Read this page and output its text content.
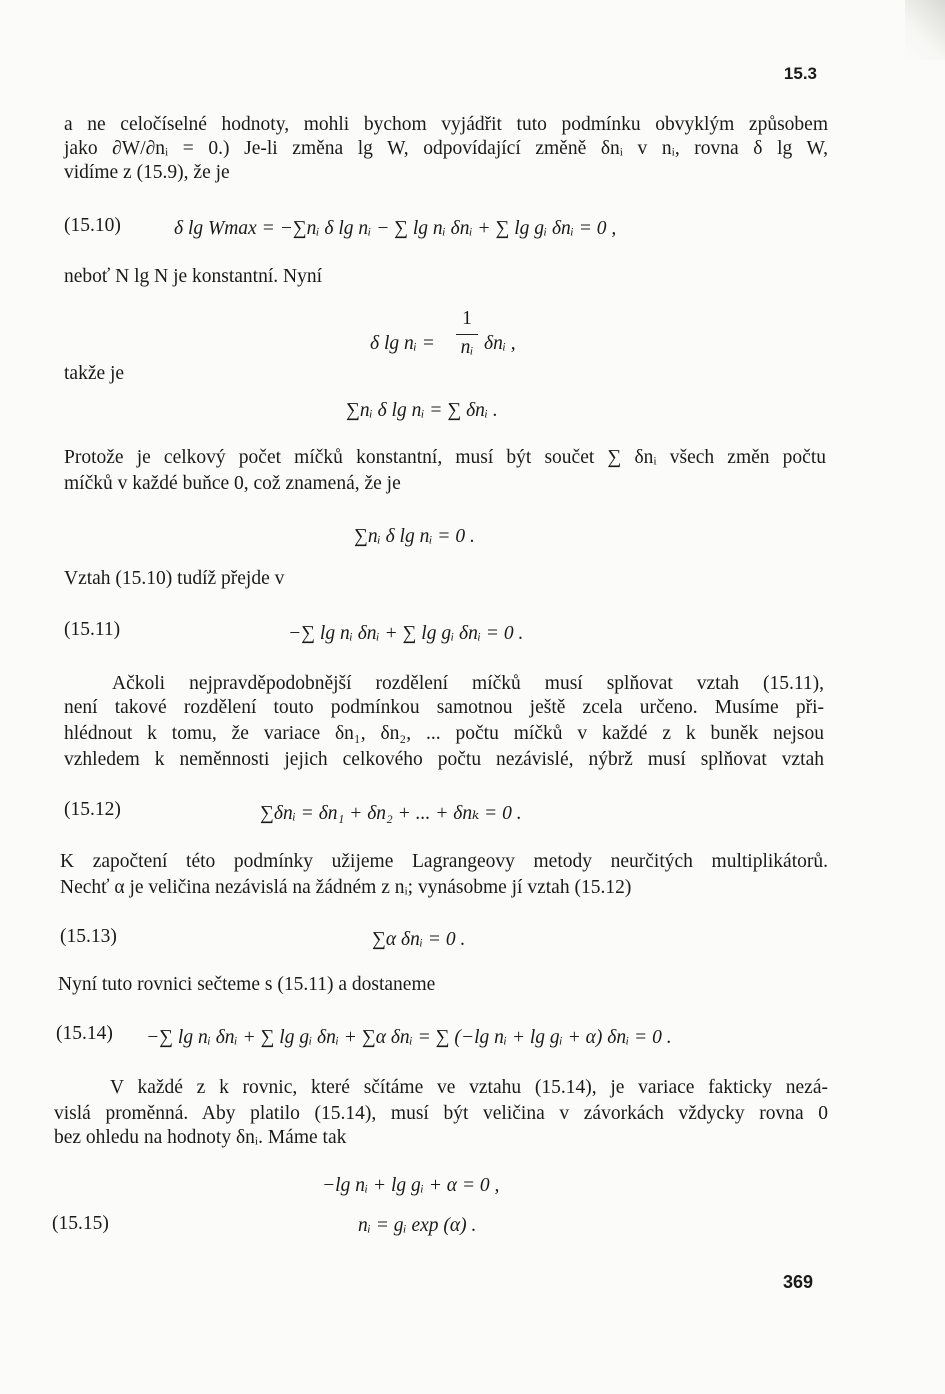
15.3
a ne celočíselné hodnoty, mohli bychom vyjádřit tuto podmínku obvyklým způsobem
jako ∂W/∂nᵢ = 0.) Je-li změna lg W, odpovídající změně δnᵢ v nᵢ, rovna δ lg W,
vidíme z (15.9), že je
(15.10)	δ lg Wmax = −∑nᵢ δ lg nᵢ − ∑ lg nᵢ δnᵢ + ∑ lg gᵢ δnᵢ = 0 ,
neboť N lg N je konstantní. Nyní
δ lg nᵢ =
1
nᵢ δnᵢ ,
takže je
∑nᵢ δ lg nᵢ = ∑ δnᵢ .
Protože je celkový počet míčků konstantní, musí být součet ∑ δnᵢ všech změn počtu
míčků v každé buňce 0, což znamená, že je
∑nᵢ δ lg nᵢ = 0 .
Vztah (15.10) tudíž přejde v
(15.11)	−∑ lg nᵢ δnᵢ + ∑ lg gᵢ δnᵢ = 0 .
Ačkoli nejpravděpodobnější rozdělení míčků musí splňovat vztah (15.11),
není takové rozdělení touto podmínkou samotnou ještě zcela určeno. Musíme při-
hlédnout k tomu, že variace δn₁, δn₂, ... počtu míčků v každé z k buněk nejsou
vzhledem k neměnnosti jejich celkového počtu nezávislé, nýbrž musí splňovat vztah
(15.12)	∑δnᵢ = δn₁ + δn₂ + ... + δnₖ = 0 .
K započtení této podmínky užijeme Lagrangeovy metody neurčitých multiplikátorů.
Nechť α je veličina nezávislá na žádném z nᵢ; vynásobme jí vztah (15.12)
(15.13)	∑α δnᵢ = 0 .
Nyní tuto rovnici sečteme s (15.11) a dostaneme
(15.14) −∑ lg nᵢ δnᵢ + ∑ lg gᵢ δnᵢ + ∑α δnᵢ = ∑ (−lg nᵢ + lg gᵢ + α) δnᵢ = 0 .
V každé z k rovnic, které sčítáme ve vztahu (15.14), je variace fakticky nezá-
vislá proměnná. Aby platilo (15.14), musí být veličina v závorkách vždycky rovna 0
bez ohledu na hodnoty δnᵢ. Máme tak
−lg nᵢ + lg gᵢ + α = 0 ,
(15.15)	nᵢ = gᵢ exp (α) .
369
